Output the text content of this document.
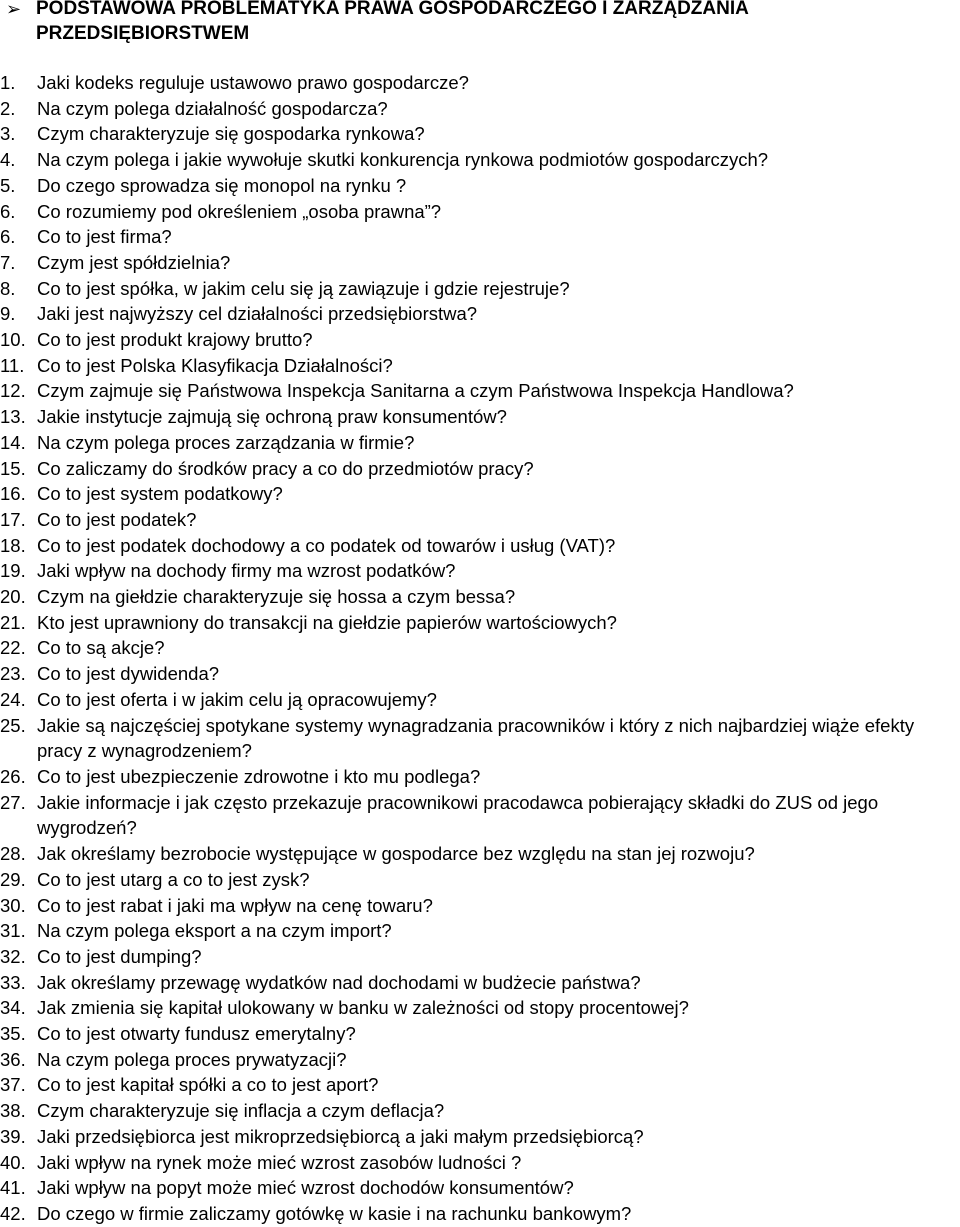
➢ PODSTAWOWA PROBLEMATYKA PRAWA GOSPODARCZEGO I ZARZĄDZANIA PRZEDSIĘBIORSTWEM
1.	Jaki kodeks reguluje ustawowo prawo gospodarcze?
2.	Na czym polega działalność gospodarcza?
3.	Czym charakteryzuje się gospodarka rynkowa?
4.	Na czym polega i jakie wywołuje skutki konkurencja rynkowa podmiotów gospodarczych?
5.	Do czego sprowadza się monopol na rynku ?
6.	Co rozumiemy pod określeniem „osoba prawna”?
6.	Co to jest firma?
7.	Czym jest spółdzielnia?
8.	Co to jest spółka, w jakim celu się ją zawiązuje i gdzie rejestruje?
9.	Jaki jest najwyższy cel działalności przedsiębiorstwa?
10. Co to jest produkt krajowy brutto?
11. Co to jest Polska Klasyfikacja Działalności?
12. Czym zajmuje się Państwowa Inspekcja Sanitarna a czym Państwowa Inspekcja Handlowa?
13. Jakie instytucje zajmują się ochroną praw konsumentów?
14. Na czym polega proces zarządzania w firmie?
15. Co zaliczamy do środków pracy a co do przedmiotów pracy?
16. Co to jest system podatkowy?
17. Co to jest podatek?
18. Co to jest podatek dochodowy a co podatek od towarów i usług (VAT)?
19. Jaki wpływ na dochody firmy ma wzrost podatków?
20. Czym na giełdzie charakteryzuje się hossa a czym bessa?
21. Kto jest uprawniony do transakcji na giełdzie papierów wartościowych?
22. Co to są akcje?
23. Co to jest dywidenda?
24. Co to jest oferta i w jakim celu ją opracowujemy?
25. Jakie są najczęściej spotykane systemy wynagradzania pracowników i który z nich najbardziej wiąże efekty pracy z wynagrodzeniem?
26. Co to jest ubezpieczenie zdrowotne i kto mu podlega?
27. Jakie informacje i jak często przekazuje pracownikowi pracodawca pobierający składki do ZUS od jego wygrodzeń?
28. Jak określamy bezrobocie występujące w gospodarce bez względu na stan jej rozwoju?
29. Co to jest utarg a co to jest zysk?
30. Co to jest rabat i jaki ma wpływ na cenę towaru?
31. Na czym polega eksport a na czym import?
32. Co to jest dumping?
33. Jak określamy przewagę wydatków nad dochodami w budżecie państwa?
34. Jak zmienia się kapitał ulokowany w banku w zależności od stopy procentowej?
35. Co to jest otwarty fundusz emerytalny?
36. Na czym polega proces prywatyzacji?
37. Co to jest kapitał spółki a co to jest aport?
38. Czym charakteryzuje się inflacja a czym deflacja?
39. Jaki przedsiębiorca jest mikroprzedsiębiorcą a jaki małym przedsiębiorcą?
40. Jaki wpływ na rynek może mieć wzrost zasobów ludności ?
41. Jaki wpływ na popyt może mieć wzrost dochodów konsumentów?
42. Do czego w firmie zaliczamy gotówkę w kasie i na rachunku bankowym?
